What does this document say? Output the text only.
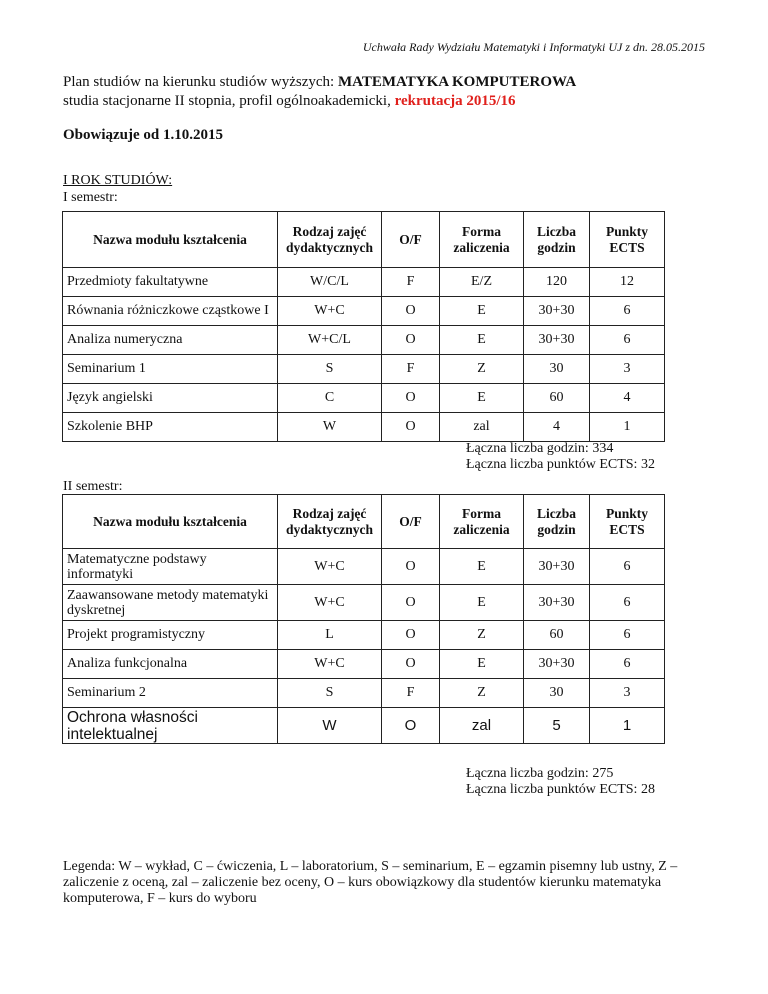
Uchwała Rady Wydziału Matematyki i Informatyki UJ z dn. 28.05.2015
Plan studiów na kierunku studiów wyższych: MATEMATYKA KOMPUTEROWA
studia stacjonarne II stopnia, profil ogólnoakademicki, rekrutacja 2015/16
Obowiązuje od 1.10.2015
I ROK STUDIÓW:
I semestr:
Nazwa modułu kształcenia	Rodzaj zajęć dydaktycznych	O/F	Forma zaliczenia	Liczba godzin	Punkty ECTS
Przedmioty fakultatywne	W/C/L	F	E/Z	120	12
Równania różniczkowe cząstkowe I	W+C	O	E	30+30	6
Analiza numeryczna	W+C/L	O	E	30+30	6
Seminarium 1	S	F	Z	30	3
Język angielski	C	O	E	60	4
Szkolenie BHP	W	O	zal	4	1
Łączna liczba godzin: 334
Łączna liczba punktów ECTS: 32
II semestr:
Nazwa modułu kształcenia	Rodzaj zajęć dydaktycznych	O/F	Forma zaliczenia	Liczba godzin	Punkty ECTS
Matematyczne podstawy informatyki	W+C	O	E	30+30	6
Zaawansowane metody matematyki dyskretnej	W+C	O	E	30+30	6
Projekt programistyczny	L	O	Z	60	6
Analiza funkcjonalna	W+C	O	E	30+30	6
Seminarium 2	S	F	Z	30	3
Ochrona własności intelektualnej	W	O	zal	5	1
Łączna liczba godzin: 275
Łączna liczba punktów ECTS: 28
Legenda: W – wykład, C – ćwiczenia, L – laboratorium, S – seminarium, E – egzamin pisemny lub ustny, Z – zaliczenie z oceną, zal – zaliczenie bez oceny, O – kurs obowiązkowy dla studentów kierunku matematyka komputerowa, F – kurs do wyboru
